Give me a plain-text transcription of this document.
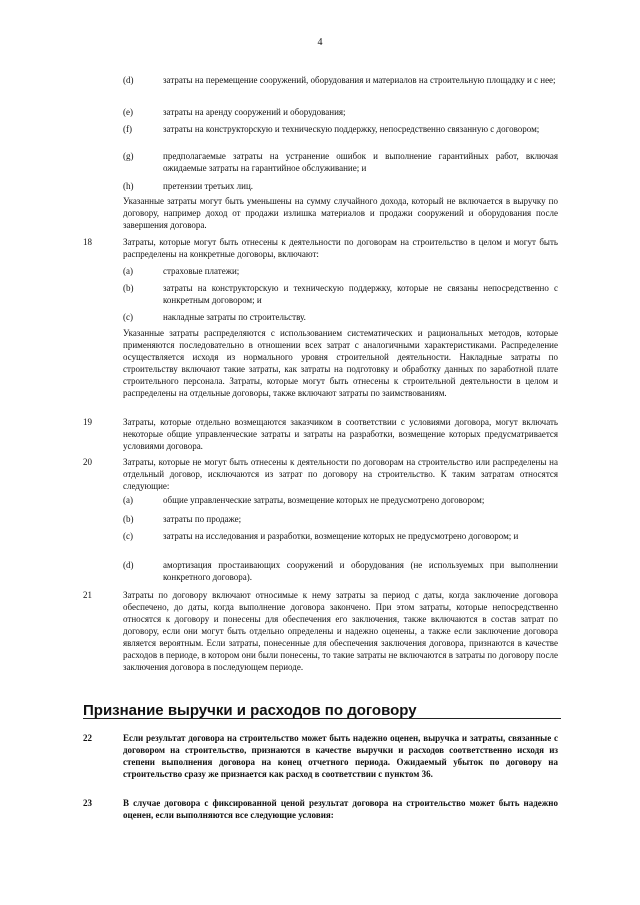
4
(d)	затраты на перемещение сооружений, оборудования и материалов на строительную площадку и с нее;
(e)	затраты на аренду сооружений и оборудования;
(f)	затраты на конструкторскую и техническую поддержку, непосредственно связанную с договором;
(g)	предполагаемые затраты на устранение ошибок и выполнение гарантийных работ, включая ожидаемые затраты на гарантийное обслуживание; и
(h)	претензии третьих лиц.
Указанные затраты могут быть уменьшены на сумму случайного дохода, который не включается в выручку по договору, например доход от продажи излишка материалов и продажи сооружений и оборудования после завершения договора.
18	Затраты, которые могут быть отнесены к деятельности по договорам на строительство в целом и могут быть распределены на конкретные договоры, включают:
(a)	страховые платежи;
(b)	затраты на конструкторскую и техническую поддержку, которые не связаны непосредственно с конкретным договором; и
(c)	накладные затраты по строительству.
Указанные затраты распределяются с использованием систематических и рациональных методов, которые применяются последовательно в отношении всех затрат с аналогичными характеристиками. Распределение осуществляется исходя из нормального уровня строительной деятельности. Накладные затраты по строительству включают такие затраты, как затраты на подготовку и обработку данных по заработной плате строительного персонала. Затраты, которые могут быть отнесены к строительной деятельности в целом и распределены на отдельные договоры, также включают затраты по заимствованиям.
19	Затраты, которые отдельно возмещаются заказчиком в соответствии с условиями договора, могут включать некоторые общие управленческие затраты и затраты на разработки, возмещение которых предусматривается условиями договора.
20	Затраты, которые не могут быть отнесены к деятельности по договорам на строительство или распределены на отдельный договор, исключаются из затрат по договору на строительство. К таким затратам относятся следующие:
(a)	общие управленческие затраты, возмещение которых не предусмотрено договором;
(b)	затраты по продаже;
(c)	затраты на исследования и разработки, возмещение которых не предусмотрено договором; и
(d)	амортизация простаивающих сооружений и оборудования (не используемых при выполнении конкретного договора).
21	Затраты по договору включают относимые к нему затраты за период с даты, когда заключение договора обеспечено, до даты, когда выполнение договора закончено. При этом затраты, которые непосредственно относятся к договору и понесены для обеспечения его заключения, также включаются в состав затрат по договору, если они могут быть отдельно определены и надежно оценены, а также если заключение договора является вероятным. Если затраты, понесенные для обеспечения заключения договора, признаются в качестве расходов в периоде, в котором они были понесены, то такие затраты не включаются в затраты по договору после заключения договора в последующем периоде.
Признание выручки и расходов по договору
22	Если результат договора на строительство может быть надежно оценен, выручка и затраты, связанные с договором на строительство, признаются в качестве выручки и расходов соответственно исходя из степени выполнения договора на конец отчетного периода. Ожидаемый убыток по договору на строительство сразу же признается как расход в соответствии с пунктом 36.
23	В случае договора с фиксированной ценой результат договора на строительство может быть надежно оценен, если выполняются все следующие условия:
